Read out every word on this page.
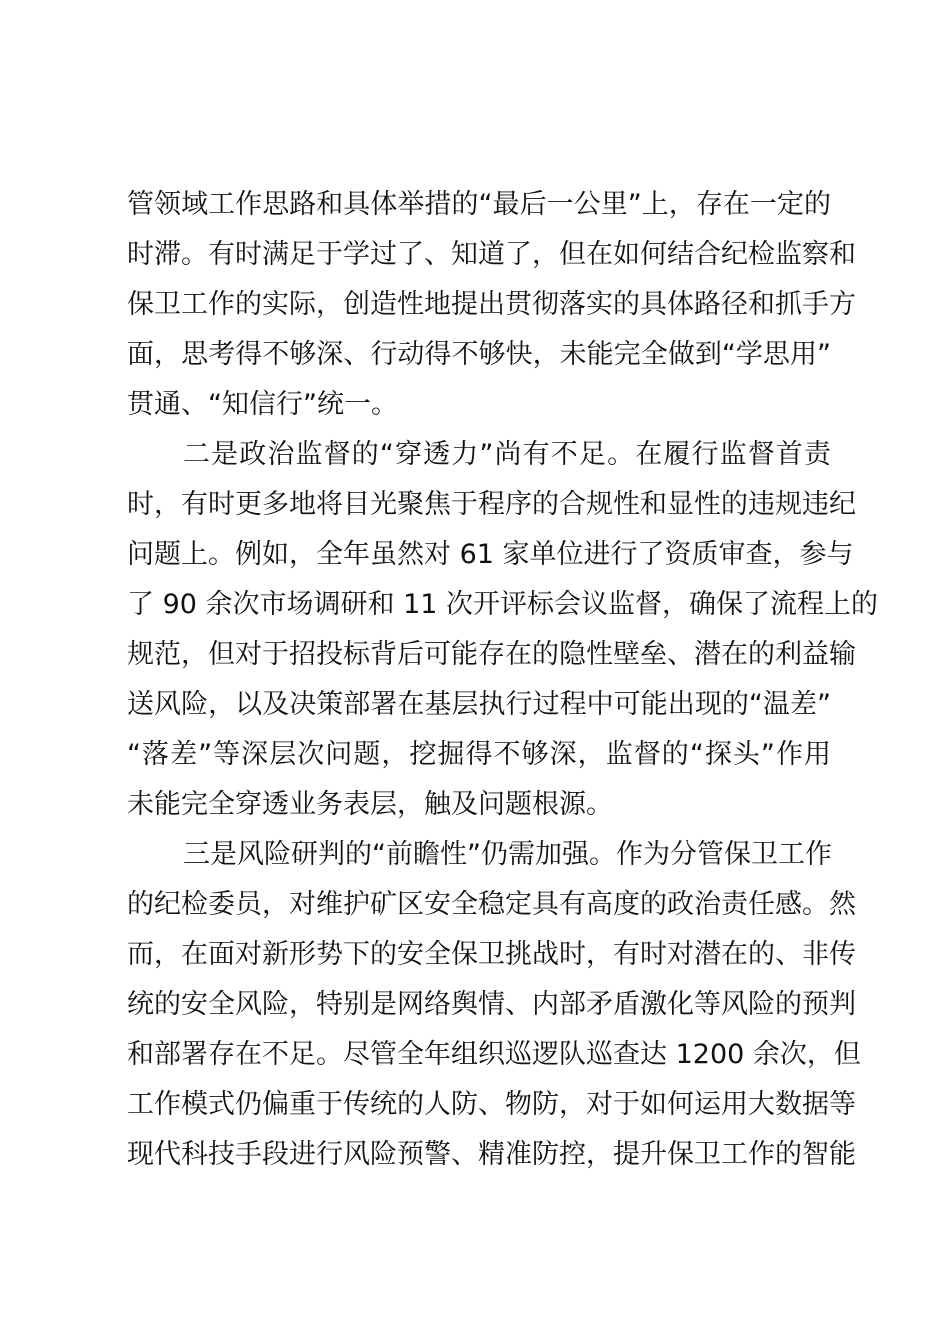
管领域工作思路和具体举措的“最后一公里”上，存在一定的
时滞。有时满足于学过了、知道了，但在如何结合纪检监察和
保卫工作的实际，创造性地提出贯彻落实的具体路径和抓手方
面，思考得不够深、行动得不够快，未能完全做到“学思用”
贯通、“知信行”统一。
二是政治监督的“穿透力”尚有不足。在履行监督首责
时，有时更多地将目光聚焦于程序的合规性和显性的违规违纪
问题上。例如，全年虽然对 61 家单位进行了资质审查，参与
了 90 余次市场调研和 11 次开评标会议监督，确保了流程上的
规范，但对于招投标背后可能存在的隐性壁垒、潜在的利益输
送风险，以及决策部署在基层执行过程中可能出现的“温差”
“落差”等深层次问题，挖掘得不够深，监督的“探头”作用
未能完全穿透业务表层，触及问题根源。
三是风险研判的“前瞻性”仍需加强。作为分管保卫工作
的纪检委员，对维护矿区安全稳定具有高度的政治责任感。然
而，在面对新形势下的安全保卫挑战时，有时对潜在的、非传
统的安全风险，特别是网络舆情、内部矛盾激化等风险的预判
和部署存在不足。尽管全年组织巡逻队巡查达 1200 余次，但
工作模式仍偏重于传统的人防、物防，对于如何运用大数据等
现代科技手段进行风险预警、精准防控，提升保卫工作的智能
